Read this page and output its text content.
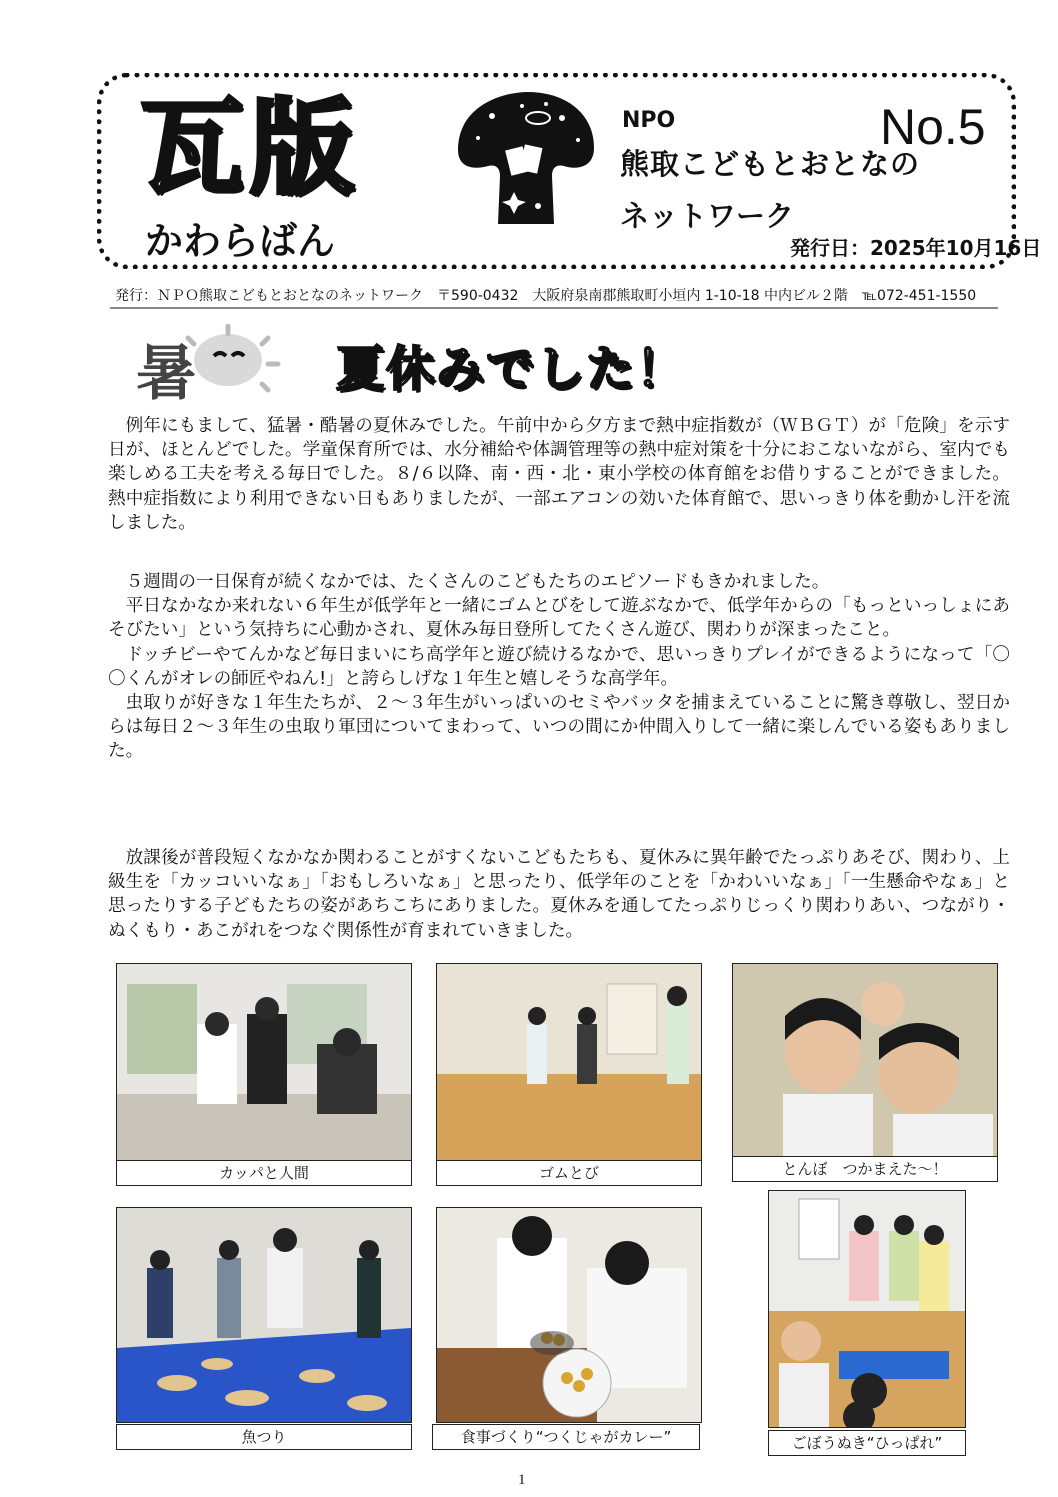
瓦版
かわらばん
NPO
熊取こどもとおとなの
ネットワーク
No.5
発行日：2025年10月16日
発行：ＮＰＯ熊取こどもとおとなのネットワーク　〒590-0432　大阪府泉南郡熊取町小垣内 1-10-18 中内ビル２階　℡072-451-1550
暑	夏休みでした！

例年にもまして、猛暑・酷暑の夏休みでした。午前中から夕方まで熱中症指数が（ＷＢＧＴ）が「危険」を示す日が、ほとんどでした。学童保育所では、水分補給や体調管理等の熱中症対策を十分におこないながら、室内でも楽しめる工夫を考える毎日でした。８/６以降、南・西・北・東小学校の体育館をお借りすることができました。熱中症指数により利用できない日もありましたが、一部エアコンの効いた体育館で、思いっきり体を動かし汗を流しました。

５週間の一日保育が続くなかでは、たくさんのこどもたちのエピソードもきかれました。

平日なかなか来れない６年生が低学年と一緒にゴムとびをして遊ぶなかで、低学年からの「もっといっしょにあそびたい」という気持ちに心動かされ、夏休み毎日登所してたくさん遊び、関わりが深まったこと。

ドッチビーやてんかなど毎日まいにち高学年と遊び続けるなかで、思いっきりプレイができるようになって「〇〇くんがオレの師匠やねん!」と誇らしげな１年生と嬉しそうな高学年。

虫取りが好きな１年生たちが、２～３年生がいっぱいのセミやバッタを捕まえていることに驚き尊敬し、翌日からは毎日２～３年生の虫取り軍団についてまわって、いつの間にか仲間入りして一緒に楽しんでいる姿もありました。

放課後が普段短くなかなか関わることがすくないこどもたちも、夏休みに異年齢でたっぷりあそび、関わり、上級生を「カッコいいなぁ」「おもしろいなぁ」と思ったり、低学年のことを「かわいいなぁ」「一生懸命やなぁ」と思ったりする子どもたちの姿があちこちにありました。夏休みを通してたっぷりじっくり関わりあい、つながり・ぬくもり・あこがれをつなぐ関係性が育まれていきました。

カッパと人間	ゴムとび	とんぼ　つかまえた～！
魚つり	食事づくり“つくじゃがカレー”	ごぼうぬき“ひっぱれ”
1
